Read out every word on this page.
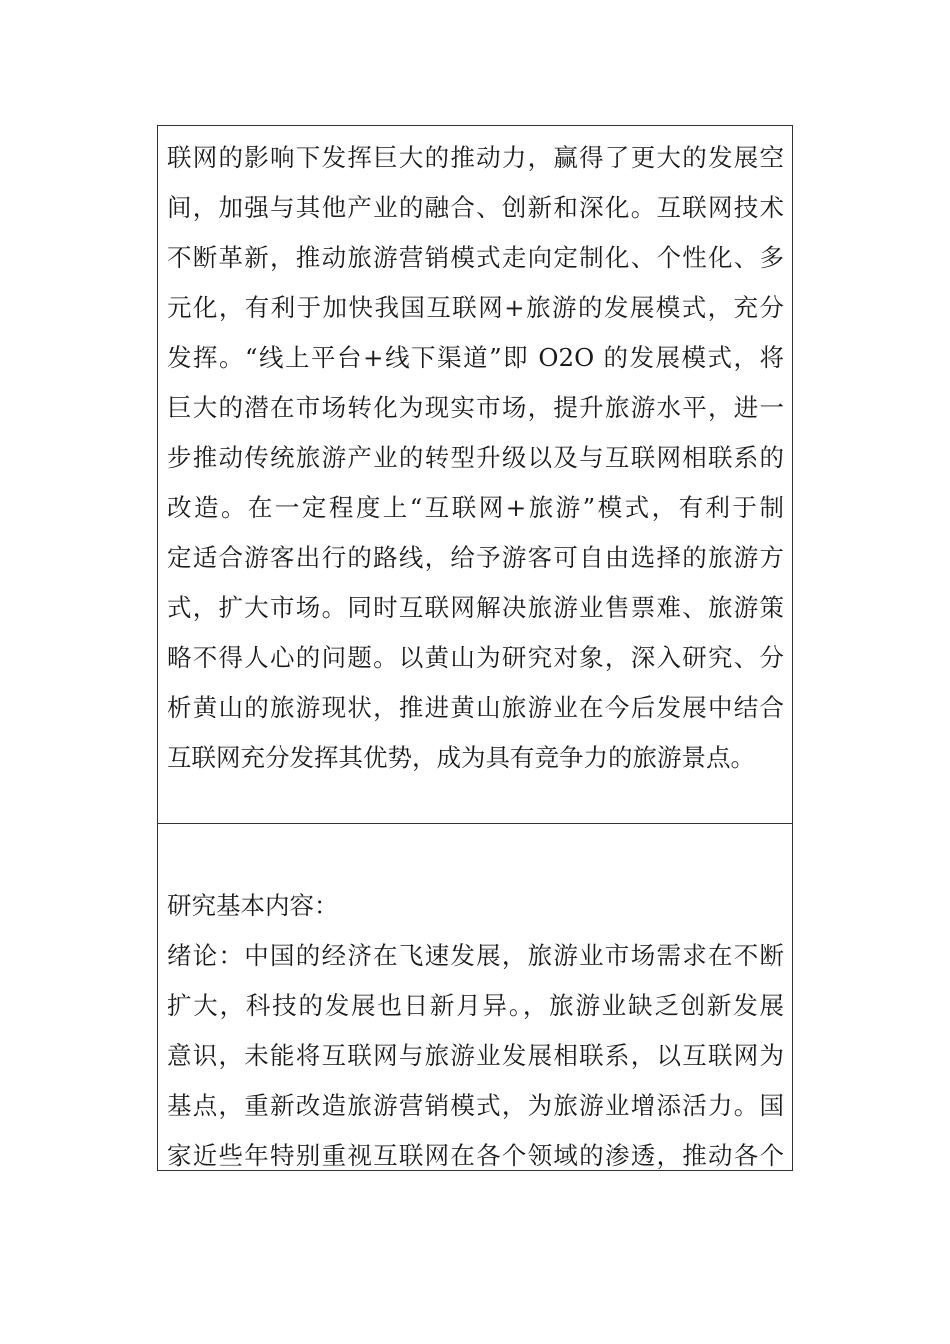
联网的影响下发挥巨大的推动力，赢得了更大的发展空
间，加强与其他产业的融合、创新和深化。互联网技术
不断革新，推动旅游营销模式走向定制化、个性化、多
元化，有利于加快我国互联网+旅游的发展模式，充分
发挥。“线上平台+线下渠道”即 O2O 的发展模式，将
巨大的潜在市场转化为现实市场，提升旅游水平，进一
步推动传统旅游产业的转型升级以及与互联网相联系的
改造。在一定程度上“互联网+旅游”模式，有利于制
定适合游客出行的路线，给予游客可自由选择的旅游方
式，扩大市场。同时互联网解决旅游业售票难、旅游策
略不得人心的问题。以黄山为研究对象，深入研究、分
析黄山的旅游现状，推进黄山旅游业在今后发展中结合
互联网充分发挥其优势，成为具有竞争力的旅游景点。
研究基本内容：
绪论：中国的经济在飞速发展，旅游业市场需求在不断
扩大，科技的发展也日新月异。，旅游业缺乏创新发展
意识，未能将互联网与旅游业发展相联系，以互联网为
基点，重新改造旅游营销模式，为旅游业增添活力。国
家近些年特别重视互联网在各个领域的渗透，推动各个
